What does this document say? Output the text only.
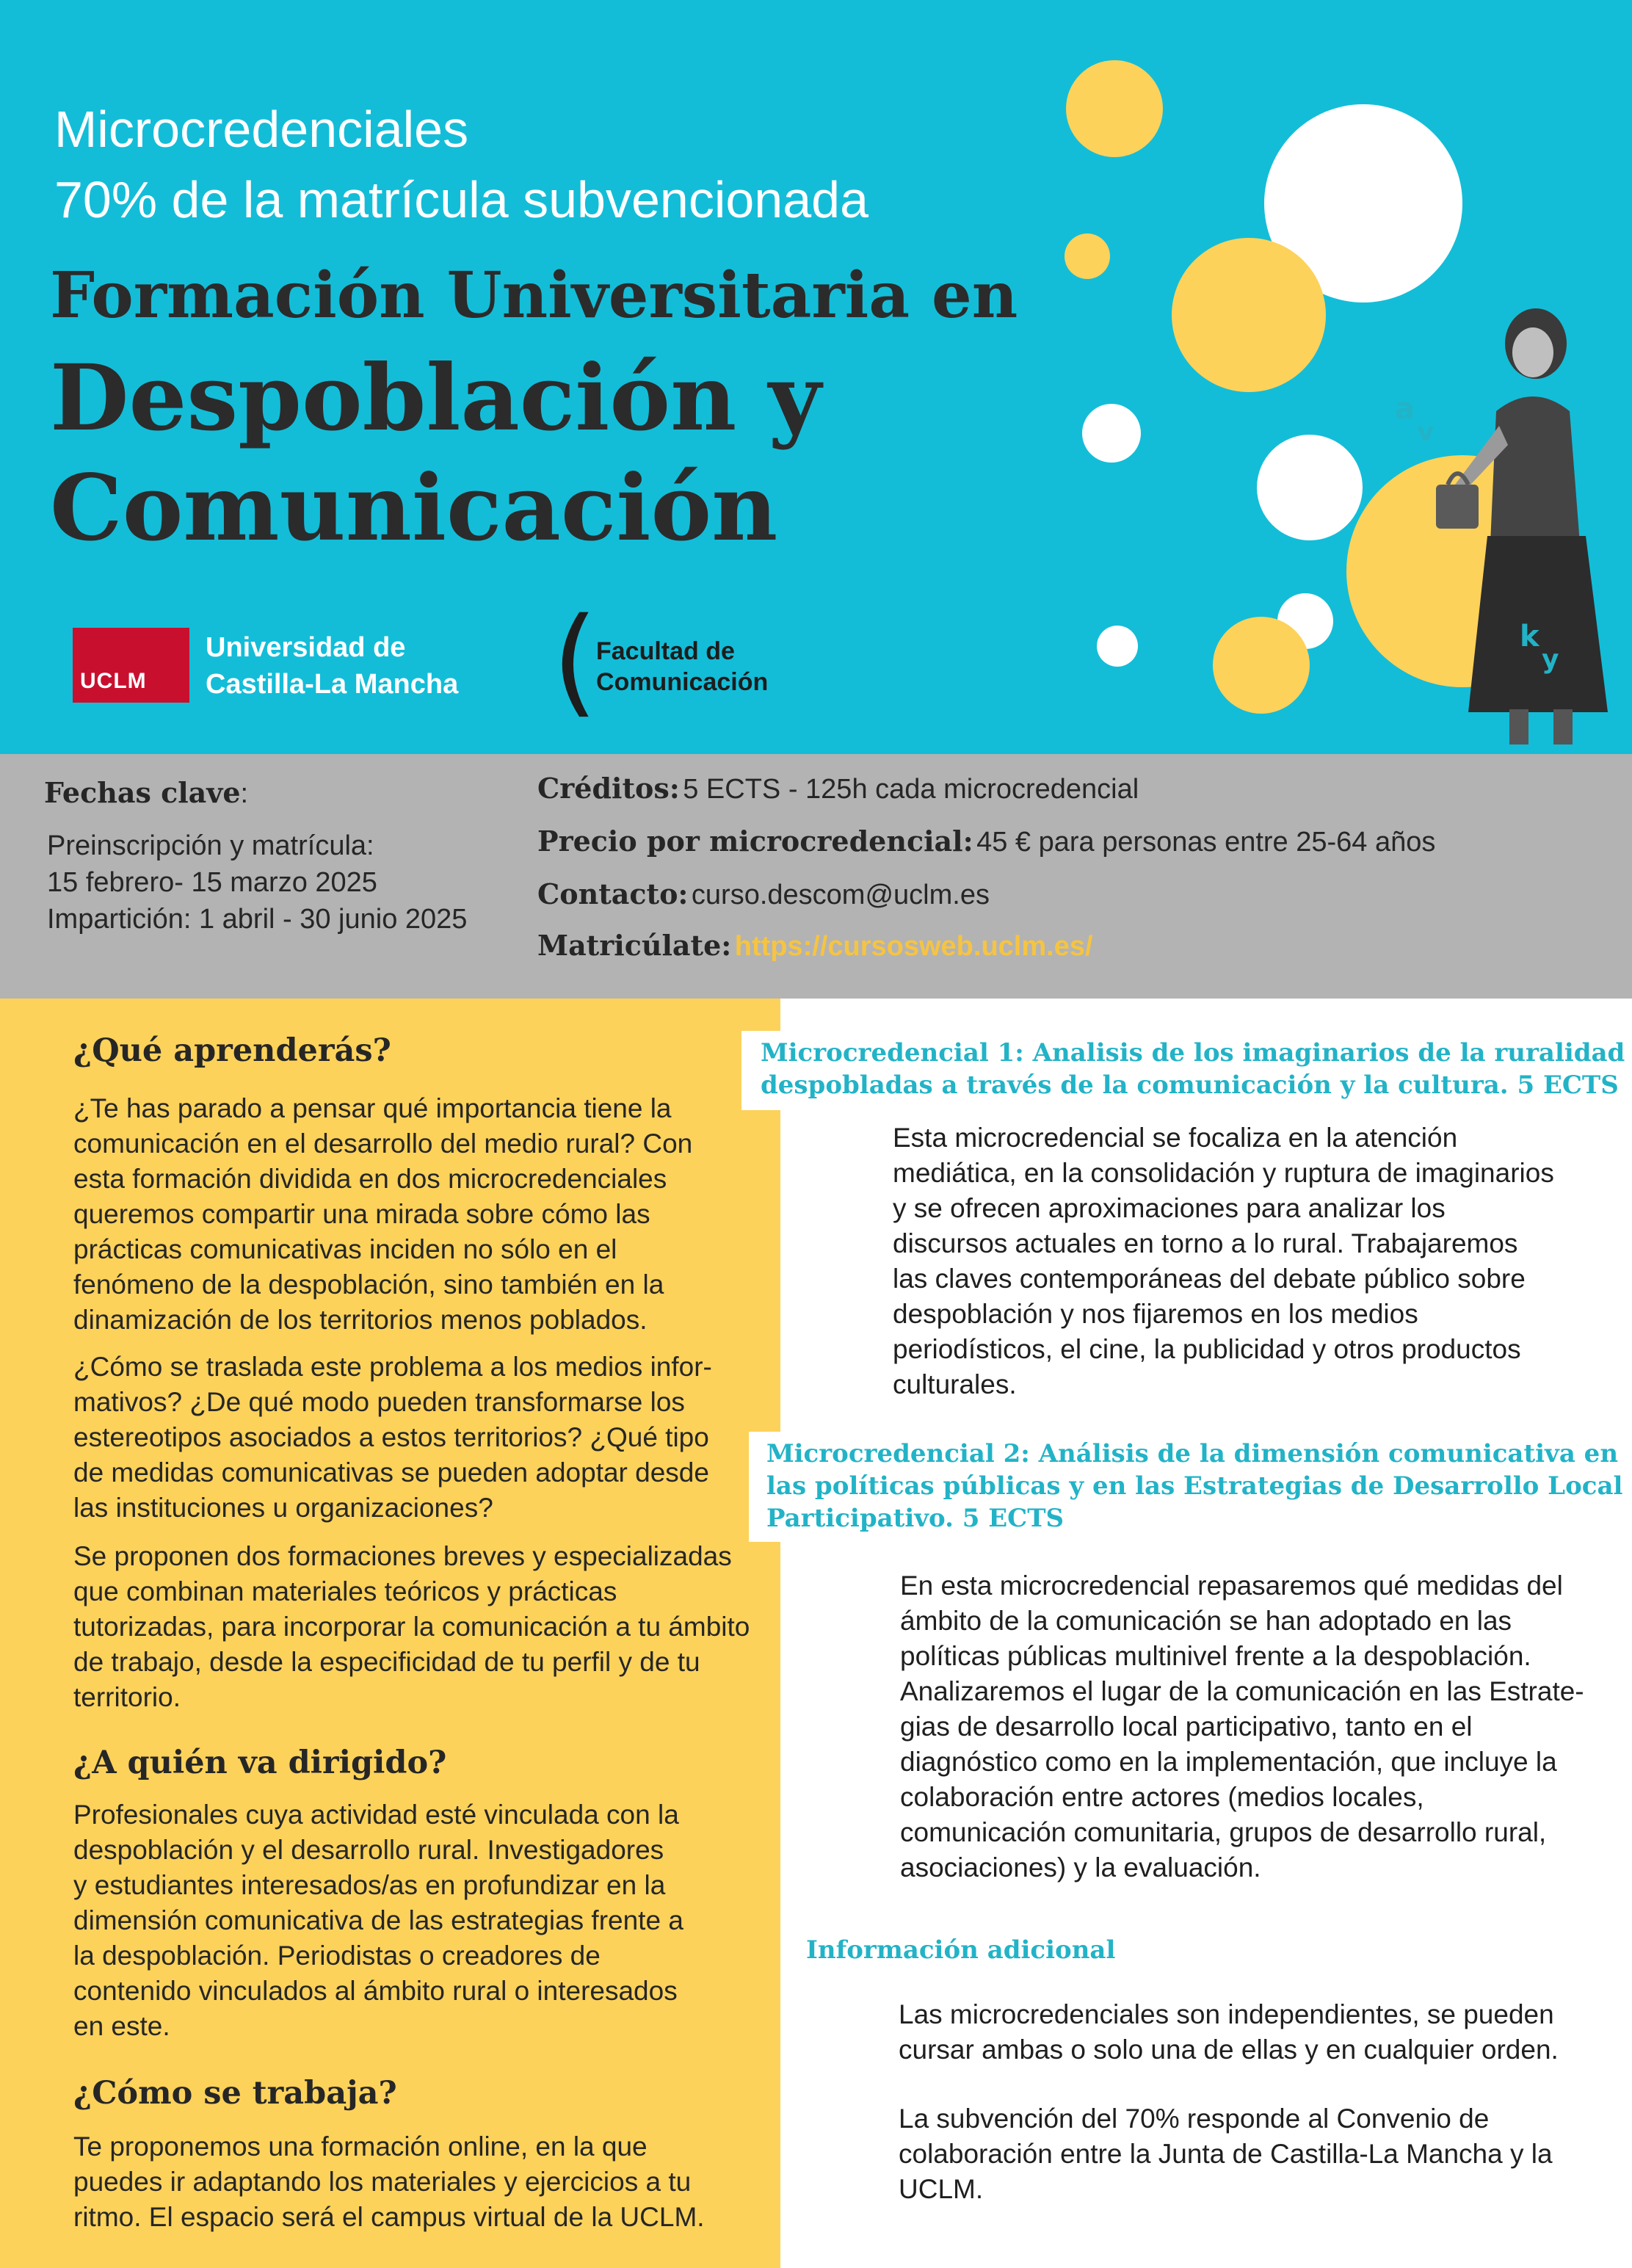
Microcredenciales
70% de la matrícula subvencionada
Formación Universitaria en
Despoblación y
Comunicación
a
v
k
y
UCLM
Universidad de
Castilla-La Mancha (
Facultad de
Comunicación
Fechas clave:
Preinscripción y matrícula:
15 febrero- 15 marzo 2025
Impartición: 1 abril - 30 junio 2025
Créditos: 5 ECTS - 125h cada microcredencial
Precio por microcredencial: 45 € para personas entre 25-64 años
Contacto: curso.descom@uclm.es
Matricúlate: https://cursosweb.uclm.es/
¿Qué aprenderás?
¿Te has parado a pensar qué importancia tiene la
comunicación en el desarrollo del medio rural? Con
esta formación dividida en dos microcredenciales
queremos compartir una mirada sobre cómo las
prácticas comunicativas inciden no sólo en el
fenómeno de la despoblación, sino también en la
dinamización de los territorios menos poblados.
¿Cómo se traslada este problema a los medios infor-
mativos? ¿De qué modo pueden transformarse los
estereotipos asociados a estos territorios? ¿Qué tipo
de medidas comunicativas se pueden adoptar desde
las instituciones u organizaciones?
Se proponen dos formaciones breves y especializadas
que combinan materiales teóricos y prácticas
tutorizadas, para incorporar la comunicación a tu ámbito
de trabajo, desde la especificidad de tu perfil y de tu
territorio.
¿A quién va dirigido?
Profesionales cuya actividad esté vinculada con la
despoblación y el desarrollo rural. Investigadores
y estudiantes interesados/as en profundizar en la
dimensión comunicativa de las estrategias frente a
la despoblación. Periodistas o creadores de
contenido vinculados al ámbito rural o interesados
en este.
¿Cómo se trabaja?
Te proponemos una formación online, en la que
puedes ir adaptando los materiales y ejercicios a tu
ritmo. El espacio será el campus virtual de la UCLM.
Microcredencial 1: Analisis de los imaginarios de la ruralidad
despobladas a través de la comunicación y la cultura. 5 ECTS
Esta microcredencial se focaliza en la atención
mediática, en la consolidación y ruptura de imaginarios
y se ofrecen aproximaciones para analizar los
discursos actuales en torno a lo rural. Trabajaremos
las claves contemporáneas del debate público sobre
despoblación y nos fijaremos en los medios
periodísticos, el cine, la publicidad y otros productos
culturales.
Microcredencial 2: Análisis de la dimensión comunicativa en
las políticas públicas y en las Estrategias de Desarrollo Local
Participativo. 5 ECTS
En esta microcredencial repasaremos qué medidas del
ámbito de la comunicación se han adoptado en las
políticas públicas multinivel frente a la despoblación.
Analizaremos el lugar de la comunicación en las Estrate-
gias de desarrollo local participativo, tanto en el
diagnóstico como en la implementación, que incluye la
colaboración entre actores (medios locales,
comunicación comunitaria, grupos de desarrollo rural,
asociaciones) y la evaluación.
Información adicional
Las microcredenciales son independientes, se pueden
cursar ambas o solo una de ellas y en cualquier orden.
La subvención del 70% responde al Convenio de
colaboración entre la Junta de Castilla-La Mancha y la
UCLM.
